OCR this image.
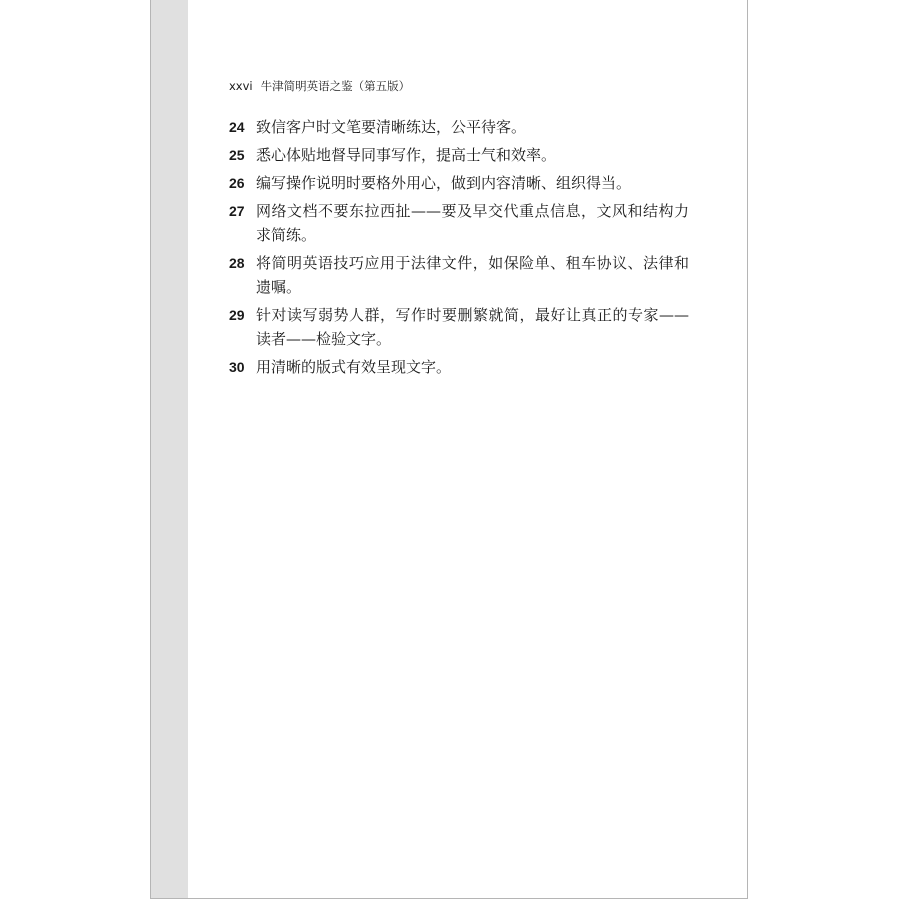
xxvi 牛津简明英语之鉴（第五版）
24 致信客户时文笔要清晰练达，公平待客。
25 悉心体贴地督导同事写作，提高士气和效率。
26 编写操作说明时要格外用心，做到内容清晰、组织得当。
27 网络文档不要东拉西扯——要及早交代重点信息，文风和结构力求简练。
28 将简明英语技巧应用于法律文件，如保险单、租车协议、法律和遗嘱。
29 针对读写弱势人群，写作时要删繁就简，最好让真正的专家——读者——检验文字。
30 用清晰的版式有效呈现文字。
